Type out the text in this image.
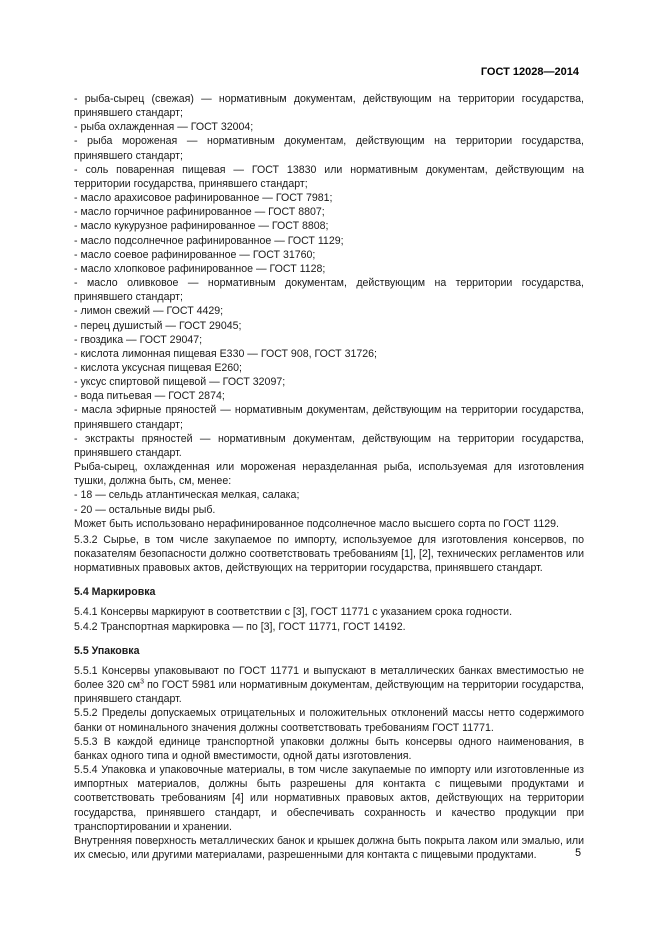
ГОСТ 12028—2014

- рыба-сырец (свежая) — нормативным документам, действующим на территории государства, принявшего стандарт;

- рыба охлажденная — ГОСТ 32004;

- рыба мороженая — нормативным документам, действующим на территории государства, принявшего стандарт;

- соль поваренная пищевая — ГОСТ 13830 или нормативным документам, действующим на территории государства, принявшего стандарт;

- масло арахисовое рафинированное — ГОСТ 7981;

- масло горчичное рафинированное — ГОСТ 8807;

- масло кукурузное рафинированное — ГОСТ 8808;

- масло подсолнечное рафинированное — ГОСТ 1129;

- масло соевое рафинированное — ГОСТ 31760;

- масло хлопковое рафинированное — ГОСТ 1128;

- масло оливковое — нормативным документам, действующим на территории государства, принявшего стандарт;

- лимон свежий — ГОСТ 4429;

- перец душистый — ГОСТ 29045;

- гвоздика — ГОСТ 29047;

- кислота лимонная пищевая Е330 — ГОСТ 908, ГОСТ 31726;

- кислота уксусная пищевая Е260;

- уксус спиртовой пищевой — ГОСТ 32097;

- вода питьевая — ГОСТ 2874;

- масла эфирные пряностей — нормативным документам, действующим на территории государства, принявшего стандарт;

- экстракты пряностей — нормативным документам, действующим на территории государства, принявшего стандарт.

Рыба-сырец, охлажденная или мороженая неразделанная рыба, используемая для изготовления тушки, должна быть, см, менее:

- 18 — сельдь атлантическая мелкая, салака;

- 20 — остальные виды рыб.

Может быть использовано нерафинированное подсолнечное масло высшего сорта по ГОСТ 1129.

5.3.2 Сырье, в том числе закупаемое по импорту, используемое для изготовления консервов, по показателям безопасности должно соответствовать требованиям [1], [2], технических регламентов или нормативных правовых актов, действующих на территории государства, принявшего стандарт.

5.4 Маркировка

5.4.1 Консервы маркируют в соответствии с [3], ГОСТ 11771 с указанием срока годности.

5.4.2 Транспортная маркировка — по [3], ГОСТ 11771, ГОСТ 14192.

5.5 Упаковка

5.5.1 Консервы упаковывают по ГОСТ 11771 и выпускают в металлических банках вместимостью не более 320 $см^3$ по ГОСТ 5981 или нормативным документам, действующим на территории государства, принявшего стандарт.

5.5.2 Пределы допускаемых отрицательных и положительных отклонений массы нетто содержимого банки от номинального значения должны соответствовать требованиям ГОСТ 11771.

5.5.3 В каждой единице транспортной упаковки должны быть консервы одного наименования, в банках одного типа и одной вместимости, одной даты изготовления.

5.5.4 Упаковка и упаковочные материалы, в том числе закупаемые по импорту или изготовленные из импортных материалов, должны быть разрешены для контакта с пищевыми продуктами и соответствовать требованиям [4] или нормативных правовых актов, действующих на территории государства, принявшего стандарт, и обеспечивать сохранность и качество продукции при транспортировании и хранении.

Внутренняя поверхность металлических банок и крышек должна быть покрыта лаком или эмалью, или их смесью, или другими материалами, разрешенными для контакта с пищевыми продуктами.	5
